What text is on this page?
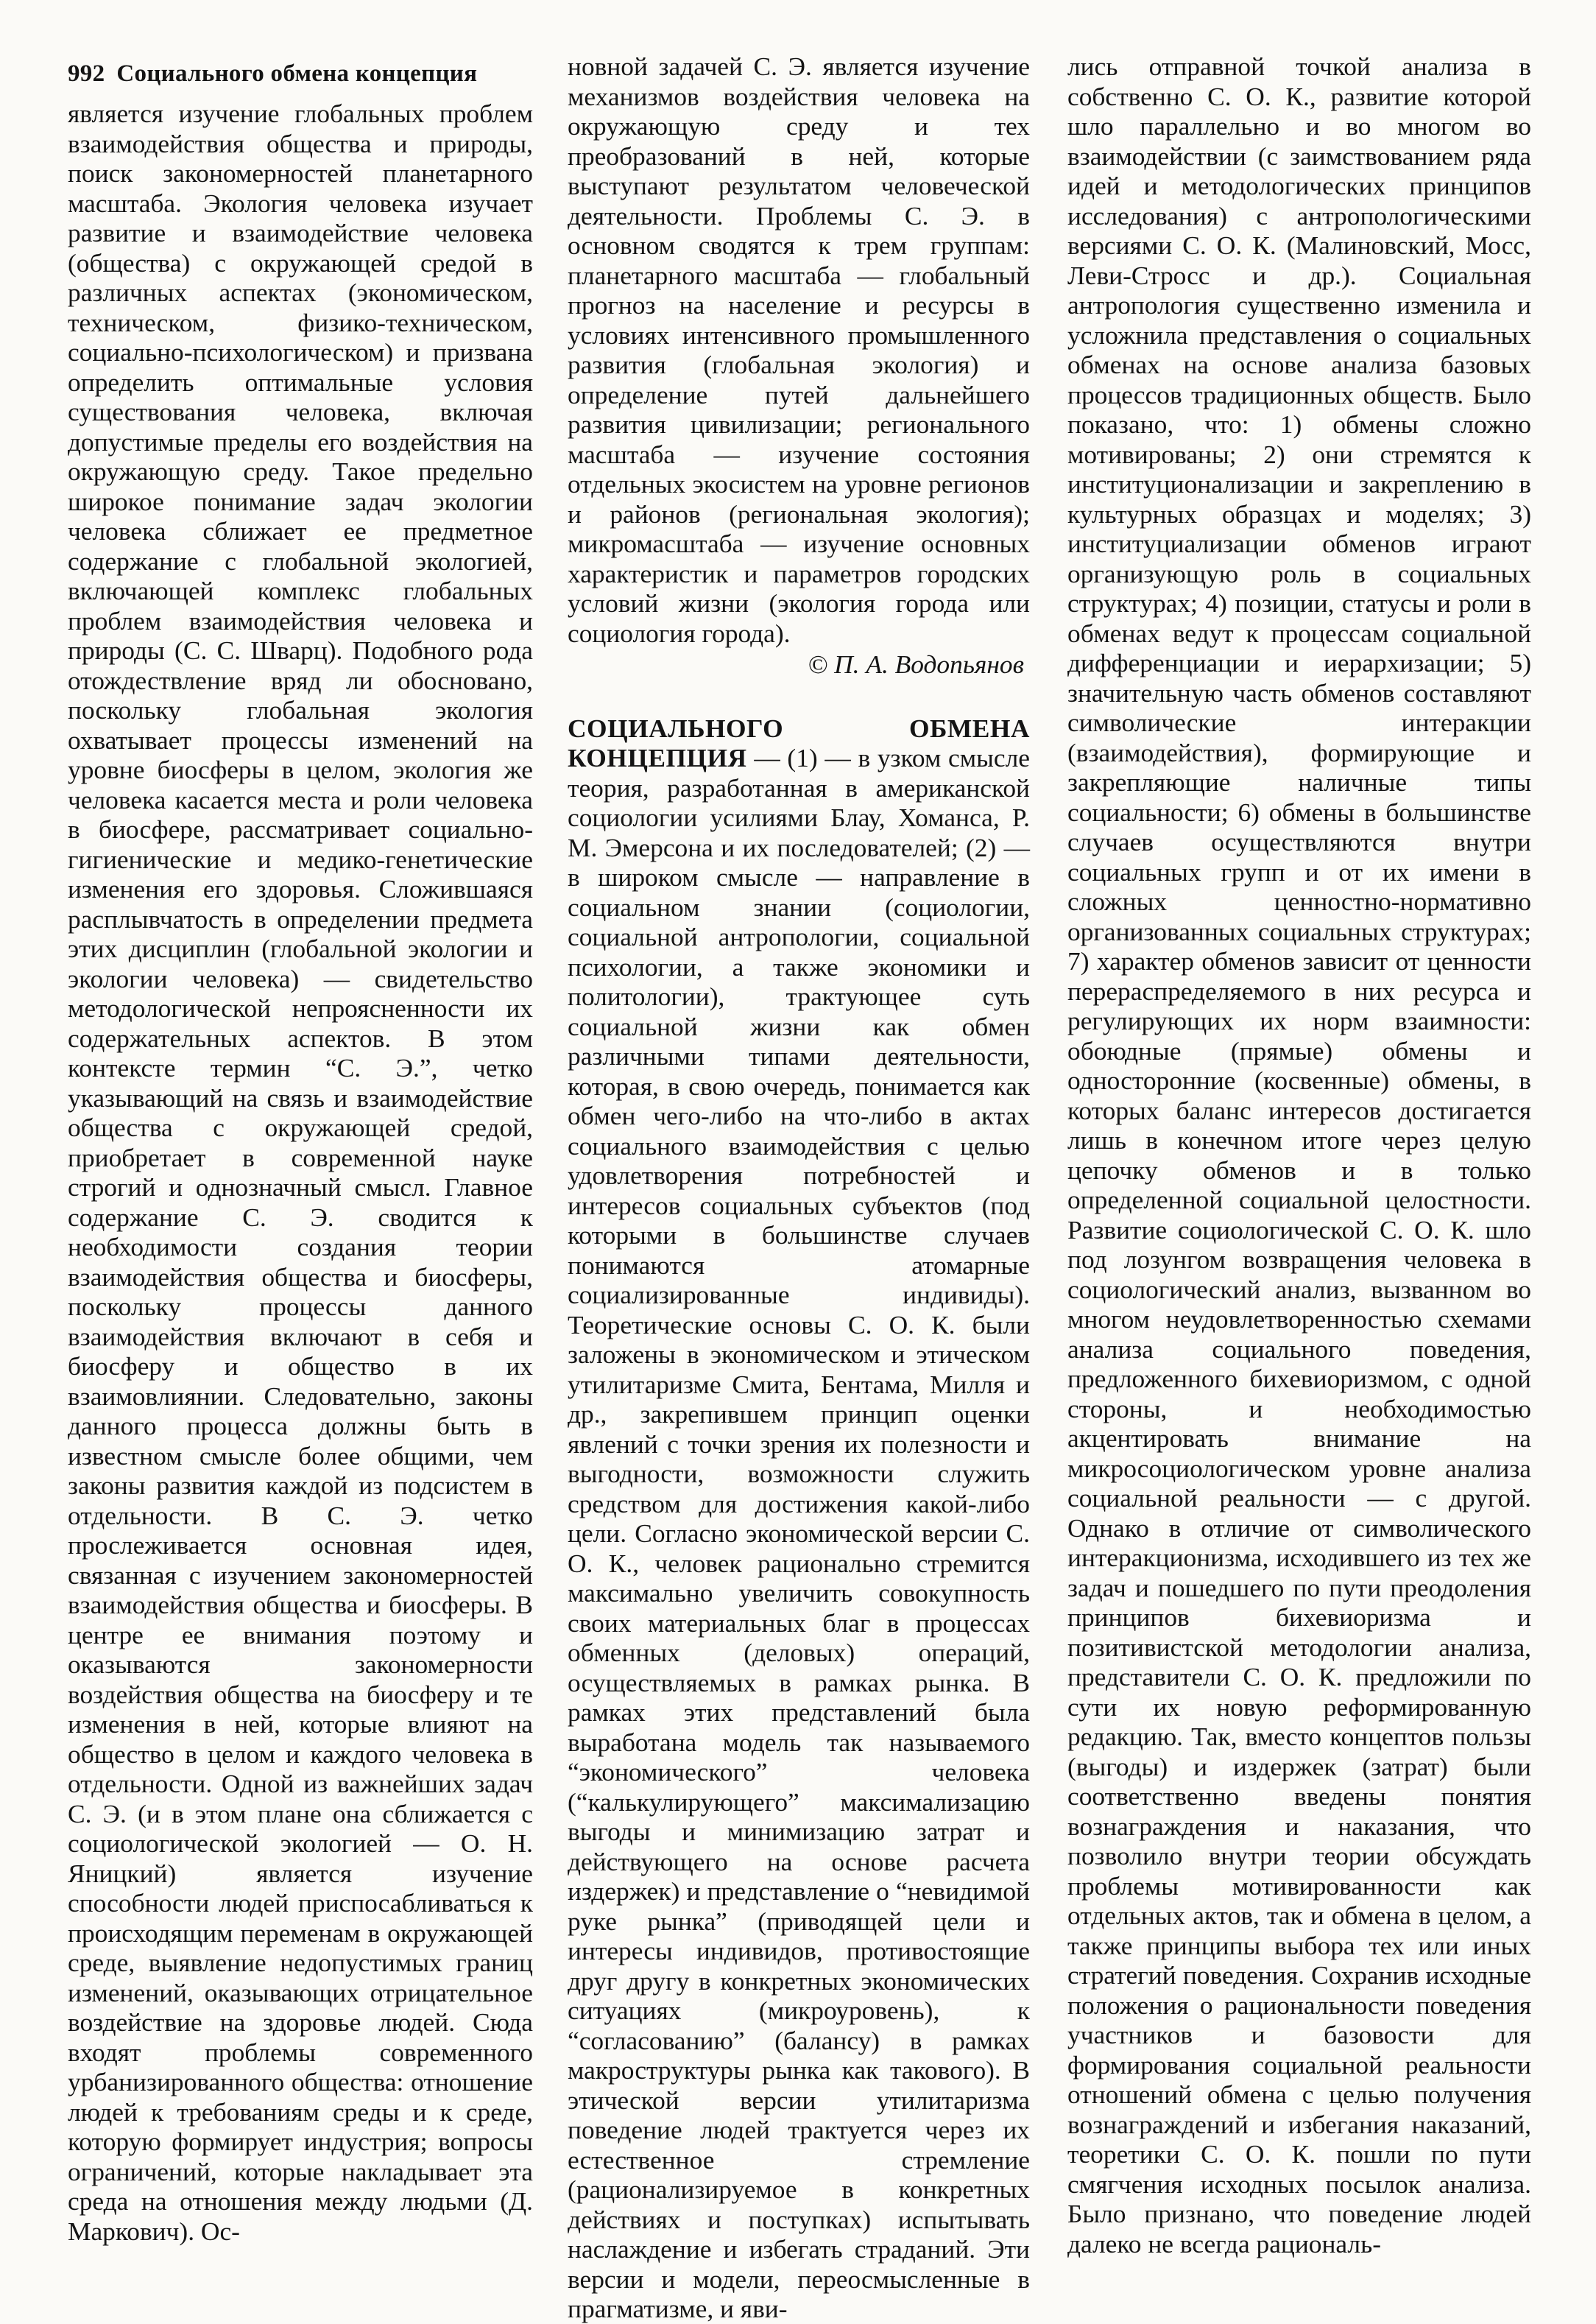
992 Социального обмена концепция

является изучение глобальных проблем взаимодействия общества и природы, поиск закономерностей планетарного масштаба. Экология человека изучает развитие и взаимодействие человека (общества) с окружающей средой в различных аспектах (экономическом, техническом, физико-техническом, социально-психологическом) и призвана определить оптимальные условия существования человека, включая допустимые пределы его воздействия на окружающую среду. Такое предельно широкое понимание задач экологии человека сближает ее предметное содержание с глобальной экологией, включающей комплекс глобальных проблем взаимодействия человека и природы (С. С. Шварц). Подобного рода отождествление вряд ли обосновано, поскольку глобальная экология охватывает процессы изменений на уровне биосферы в целом, экология же человека касается места и роли человека в биосфере, рассматривает социально-гигиенические и медико-генетические изменения его здоровья. Сложившаяся расплывчатость в определении предмета этих дисциплин (глобальной экологии и экологии человека) — свидетельство методологической непроясненности их содержательных аспектов. В этом контексте термин “С. Э.”, четко указывающий на связь и взаимодействие общества с окружающей средой, приобретает в современной науке строгий и однозначный смысл. Главное содержание С. Э. сводится к необходимости создания теории взаимодействия общества и биосферы, поскольку процессы данного взаимодействия включают в себя и биосферу и общество в их взаимовлиянии. Следовательно, законы данного процесса должны быть в известном смысле более общими, чем законы развития каждой из подсистем в отдельности. В С. Э. четко прослеживается основная идея, связанная с изучением закономерностей взаимодействия общества и биосферы. В центре ее внимания поэтому и оказываются закономерности воздействия общества на биосферу и те изменения в ней, которые влияют на общество в целом и каждого человека в отдельности. Одной из важнейших задач С. Э. (и в этом плане она сближается с социологической экологией — О. Н. Яницкий) является изучение способности людей приспосабливаться к происходящим переменам в окружающей среде, выявление недопустимых границ изменений, оказывающих отрицательное воздействие на здоровье людей. Сюда входят проблемы современного урбанизированного общества: отношение людей к требованиям среды и к среде, которую формирует индустрия; вопросы ограничений, которые накладывает эта среда на отношения между людьми (Д. Маркович). Ос-

новной задачей С. Э. является изучение механизмов воздействия человека на окружающую среду и тех преобразований в ней, которые выступают результатом человеческой деятельности. Проблемы С. Э. в основном сводятся к трем группам: планетарного масштаба — глобальный прогноз на население и ресурсы в условиях интенсивного промышленного развития (глобальная экология) и определение путей дальнейшего развития цивилизации; регионального масштаба — изучение состояния отдельных экосистем на уровне регионов и районов (региональная экология); микромасштаба — изучение основных характеристик и параметров городских условий жизни (экология города или социология города).

© П. А. Водопьянов

СОЦИАЛЬНОГО ОБМЕНА КОНЦЕПЦИЯ — (1) — в узком смысле теория, разработанная в американской социологии усилиями Блау, Хоманса, Р. М. Эмерсона и их последователей; (2) — в широком смысле — направление в социальном знании (социологии, социальной антропологии, социальной психологии, а также экономики и политологии), трактующее суть социальной жизни как обмен различными типами деятельности, которая, в свою очередь, понимается как обмен чего-либо на что-либо в актах социального взаимодействия с целью удовлетворения потребностей и интересов социальных субъектов (под которыми в большинстве случаев понимаются атомарные социализированные индивиды). Теоретические основы С. О. К. были заложены в экономическом и этическом утилитаризме Смита, Бентама, Милля и др., закрепившем принцип оценки явлений с точки зрения их полезности и выгодности, возможности служить средством для достижения какой-либо цели. Согласно экономической версии С. О. К., человек рационально стремится максимально увеличить совокупность своих материальных благ в процессах обменных (деловых) операций, осуществляемых в рамках рынка. В рамках этих представлений была выработана модель так называемого “экономического” человека (“калькулирующего” максимализацию выгоды и минимизацию затрат и действующего на основе расчета издержек) и представление о “невидимой руке рынка” (приводящей цели и интересы индивидов, противостоящие друг другу в конкретных экономических ситуациях (микроуровень), к “согласованию” (балансу) в рамках макроструктуры рынка как такового). В этической версии утилитаризма поведение людей трактуется через их естественное стремление (рационализируемое в конкретных действиях и поступках) испытывать наслаждение и избегать страданий. Эти версии и модели, переосмысленные в прагматизме, и яви-

лись отправной точкой анализа в собственно С. О. К., развитие которой шло параллельно и во многом во взаимодействии (с заимствованием ряда идей и методологических принципов исследования) с антропологическими версиями С. О. К. (Малиновский, Мосс, Леви-Стросс и др.). Социальная антропология существенно изменила и усложнила представления о социальных обменах на основе анализа базовых процессов традиционных обществ. Было показано, что: 1) обмены сложно мотивированы; 2) они стремятся к институционализации и закреплению в культурных образцах и моделях; 3) институциализации обменов играют организующую роль в социальных структурах; 4) позиции, статусы и роли в обменах ведут к процессам социальной дифференциации и иерархизации; 5) значительную часть обменов составляют символические интеракции (взаимодействия), формирующие и закрепляющие наличные типы социальности; 6) обмены в большинстве случаев осуществляются внутри социальных групп и от их имени в сложных ценностно-нормативно организованных социальных структурах; 7) характер обменов зависит от ценности перераспределяемого в них ресурса и регулирующих их норм взаимности: обоюдные (прямые) обмены и односторонние (косвенные) обмены, в которых баланс интересов достигается лишь в конечном итоге через целую цепочку обменов и в только определенной социальной целостности. Развитие социологической С. О. К. шло под лозунгом возвращения человека в социологический анализ, вызванном во многом неудовлетворенностью схемами анализа социального поведения, предложенного бихевиоризмом, с одной стороны, и необходимостью акцентировать внимание на микросоциологическом уровне анализа социальной реальности — с другой. Однако в отличие от символического интеракционизма, исходившего из тех же задач и пошедшего по пути преодоления принципов бихевиоризма и позитивистской методологии анализа, представители С. О. К. предложили по сути их новую реформированную редакцию. Так, вместо концептов пользы (выгоды) и издержек (затрат) были соответственно введены понятия вознаграждения и наказания, что позволило внутри теории обсуждать проблемы мотивированности как отдельных актов, так и обмена в целом, а также принципы выбора тех или иных стратегий поведения. Сохранив исходные положения о рациональности поведения участников и базовости для формирования социальной реальности отношений обмена с целью получения вознаграждений и избегания наказаний, теоретики С. О. К. пошли по пути смягчения исходных посылок анализа. Было признано, что поведение людей далеко не всегда рациональ-
